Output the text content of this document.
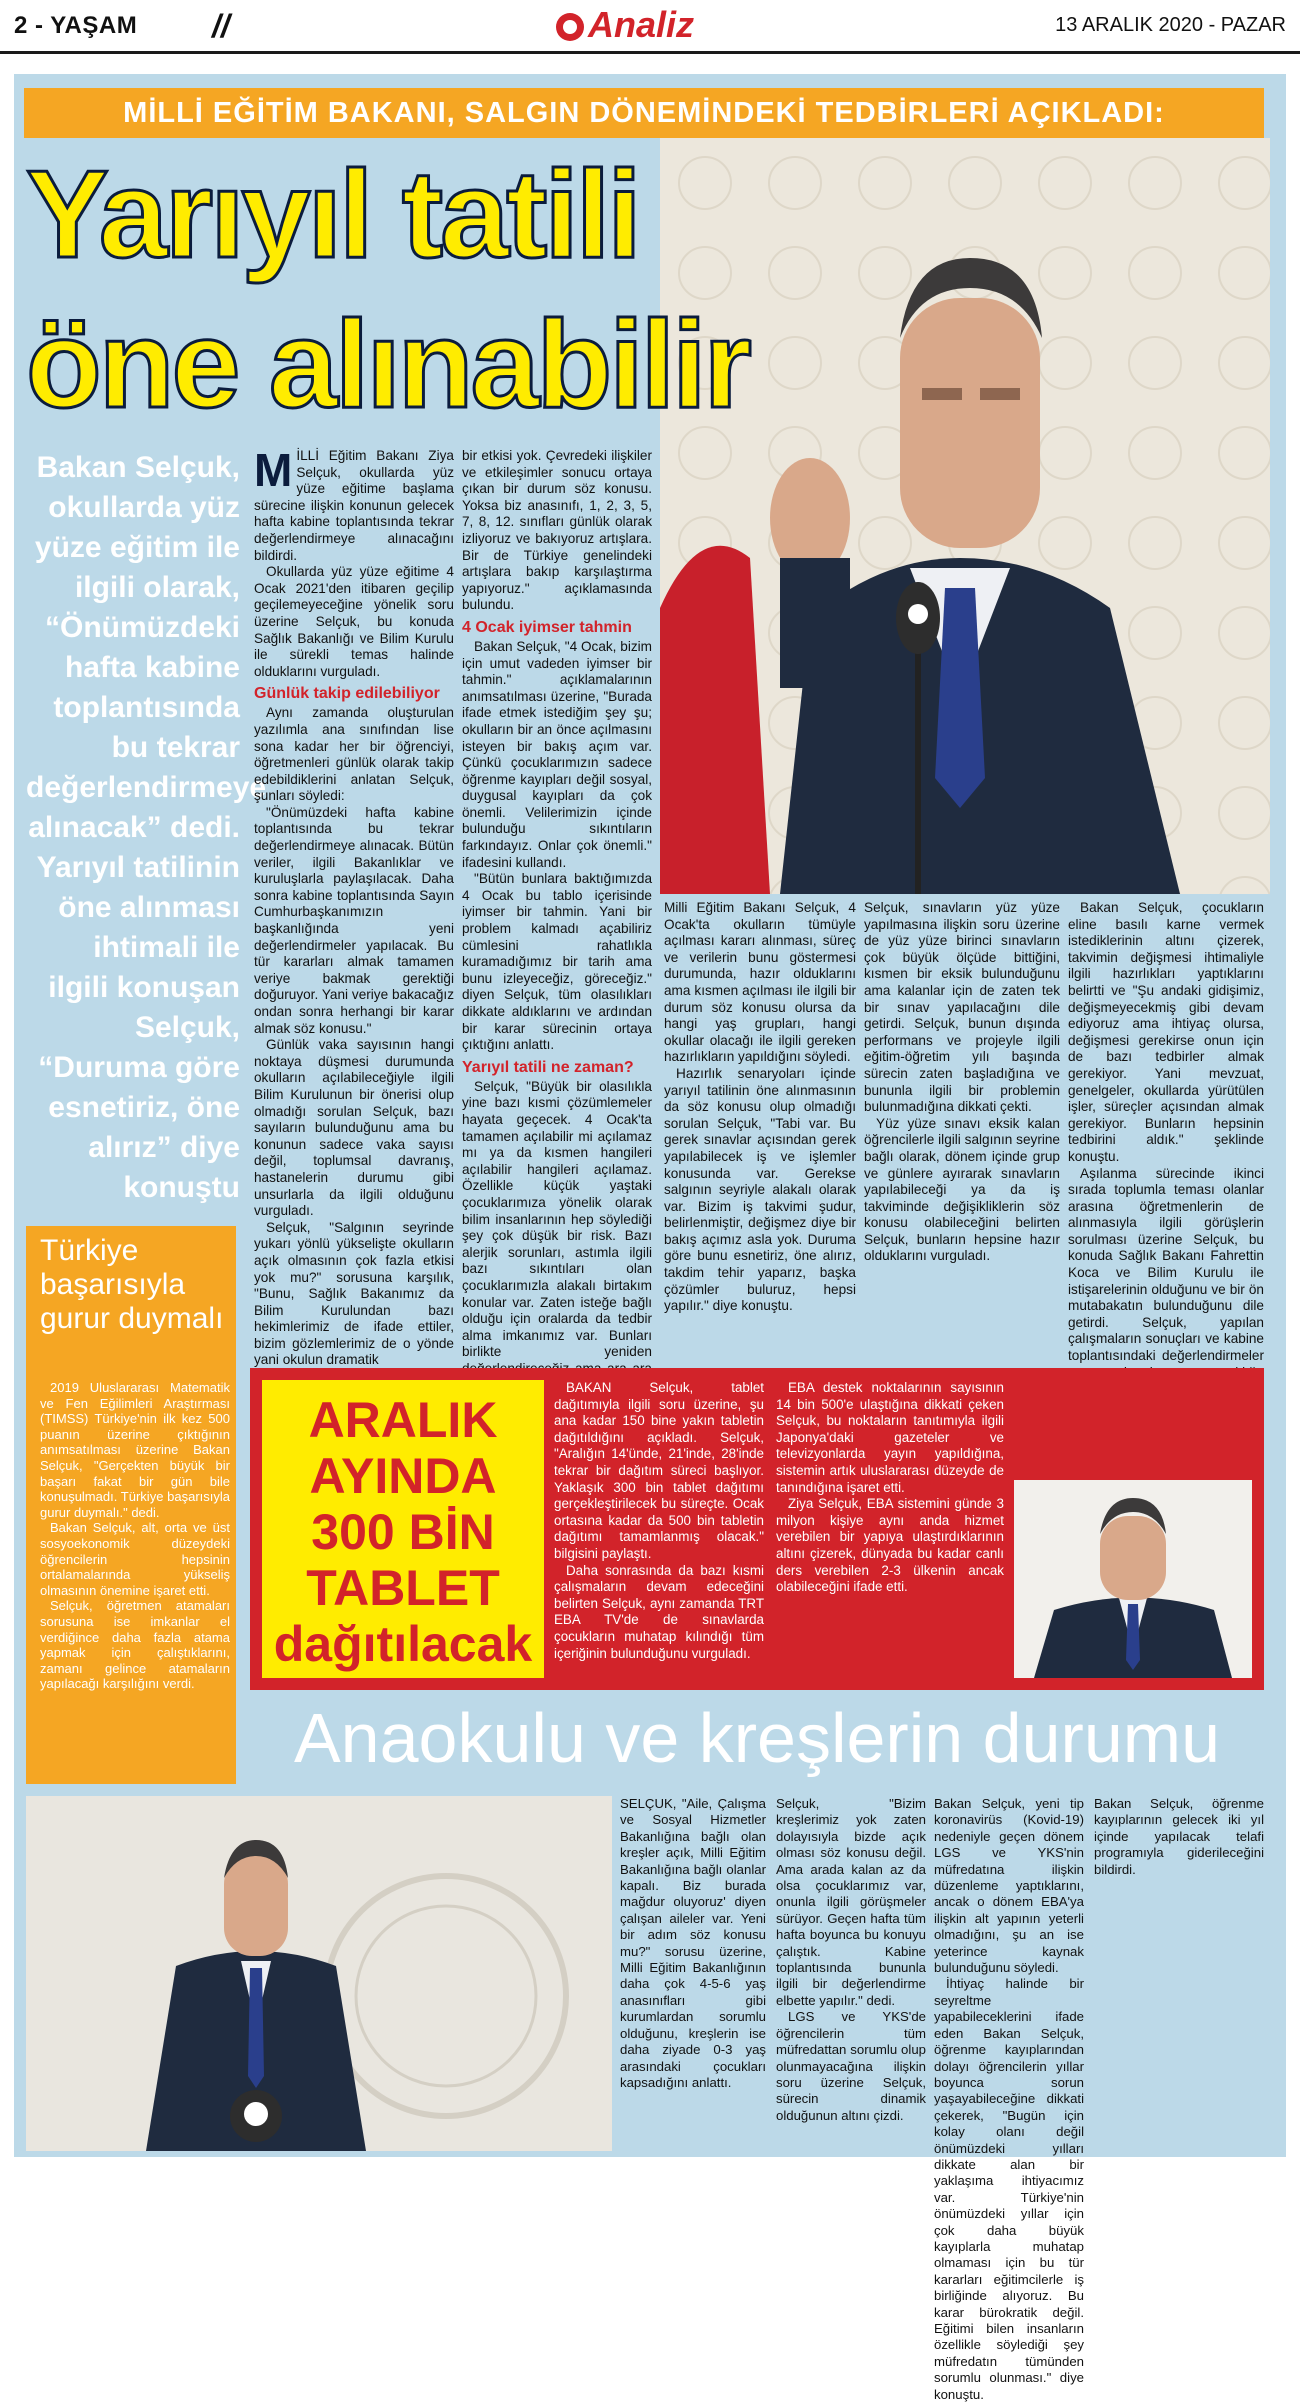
2 - YAŞAM //	Analiz	13 ARALIK 2020 - PAZAR
MİLLİ EĞİTİM BAKANI, SALGIN DÖNEMİNDEKİ TEDBİRLERİ AÇIKLADI:
Yarıyıl tatili
öne alınabilir
Bakan Selçuk, okullarda yüz yüze eğitim ile ilgili olarak, “Önümüzdeki hafta kabine toplantısında bu tekrar değerlendirmeye alınacak” dedi. Yarıyıl tatilinin öne alınması ihtimali ile ilgili konuşan Selçuk, “Duruma göre esnetiriz, öne alırız” diye konuştu

MİLLİ Eğitim Bakanı Ziya Selçuk, okullarda yüz yüze eğitime başlama sürecine ilişkin konunun gelecek hafta kabine toplantısında tekrar değerlendirmeye alınacağını bildirdi.

Okullarda yüz yüze eğitime 4 Ocak 2021'den itibaren geçilip geçilemeyeceğine yönelik soru üzerine Selçuk, bu konuda Sağlık Bakanlığı ve Bilim Kurulu ile sürekli temas halinde olduklarını vurguladı.

Günlük takip edilebiliyor

Aynı zamanda oluşturulan yazılımla ana sınıfından lise sona kadar her bir öğrenciyi, öğretmenleri günlük olarak takip edebildiklerini anlatan Selçuk, şunları söyledi:

"Önümüzdeki hafta kabine toplantısında bu tekrar değerlendirmeye alınacak. Bütün veriler, ilgili Bakanlıklar ve kuruluşlarla paylaşılacak. Daha sonra kabine toplantısında Sayın Cumhurbaşkanımızın başkanlığında yeni değerlendirmeler yapılacak. Bu tür kararları almak tamamen veriye bakmak gerektiği doğuruyor. Yani veriye bakacağız ondan sonra herhangi bir karar almak söz konusu."

Günlük vaka sayısının hangi noktaya düşmesi durumunda okulların açılabileceğiyle ilgili Bilim Kurulunun bir önerisi olup olmadığı sorulan Selçuk, bazı sayıların bulunduğunu ama bu konunun sadece vaka sayısı değil, toplumsal davranış, hastanelerin durumu gibi unsurlarla da ilgili olduğunu vurguladı.

Selçuk, "Salgının seyrinde yukarı yönlü yükselişte okulların açık olmasının çok fazla etkisi yok mu?" sorusuna karşılık, "Bunu, Sağlık Bakanımız da Bilim Kurulundan bazı hekimlerimiz de ifade ettiler, bizim gözlemlerimiz de o yönde yani okulun dramatik

bir etkisi yok. Çevredeki ilişkiler ve etkileşimler sonucu ortaya çıkan bir durum söz konusu. Yoksa biz anasınıfı, 1, 2, 3, 5, 7, 8, 12. sınıfları günlük olarak izliyoruz ve bakıyoruz artışlara. Bir de Türkiye genelindeki artışlara bakıp karşılaştırma yapıyoruz." açıklamasında bulundu.

4 Ocak iyimser tahmin

Bakan Selçuk, "4 Ocak, bizim için umut vadeden iyimser bir tahmin." açıklamalarının anımsatılması üzerine, "Burada ifade etmek istediğim şey şu; okulların bir an önce açılmasını isteyen bir bakış açım var. Çünkü çocuklarımızın sadece öğrenme kayıpları değil sosyal, duygusal kayıpları da çok önemli. Velilerimizin içinde bulunduğu sıkıntıların farkındayız. Onlar çok önemli." ifadesini kullandı.

"Bütün bunlara baktığımızda 4 Ocak bu tablo içerisinde iyimser bir tahmin. Yani bir problem kalmadı açabiliriz cümlesini rahatlıkla kuramadığımız bir tarih ama bunu izleyeceğiz, göreceğiz." diyen Selçuk, tüm olasılıkları dikkate aldıklarını ve ardından bir karar sürecinin ortaya çıktığını anlattı.

Yarıyıl tatili ne zaman?

Selçuk, "Büyük bir olasılıkla yine bazı kısmi çözümlemeler hayata geçecek. 4 Ocak'ta tamamen açılabilir mi açılamaz mı ya da kısmen hangileri açılabilir hangileri açılamaz. Özellikle küçük yaştaki çocuklarımıza yönelik olarak bilim insanlarının hep söylediği şey çok düşük bir risk. Bazı alerjik sorunları, astımla ilgili bazı sıkıntıları olan çocuklarımızla alakalı birtakım konular var. Zaten isteğe bağlı olduğu için oralarda da tedbir alma imkanımız var. Bunları birlikte yeniden

Milli Eğitim Bakanı Selçuk, 4 Ocak'ta okulların tümüyle açılması kararı alınması, süreç ve verilerin bunu göstermesi durumunda, hazır olduklarını ama kısmen açılması ile ilgili bir durum söz konusu olursa da hangi yaş grupları, hangi okullar olacağı ile ilgili gereken hazırlıkların yapıldığını söyledi.

Hazırlık senaryoları içinde yarıyıl tatilinin öne alınmasının da söz konusu olup olmadığı sorulan Selçuk, "Tabi var. Bu gerek sınavlar açısından gerek yapılabilecek iş ve işlemler konusunda var. Gerekse salgının seyriyle alakalı olarak var. Bizim iş takvimi şudur, belirlenmiştir, değişmez diye bir bakış açımız asla yok. Duruma göre bunu esnetiriz, öne alırız, takdim tehir yaparız, başka çözümler buluruz, hepsi yapılır." diye konuştu.

Selçuk, sınavların yüz yüze yapılmasına ilişkin soru üzerine de yüz yüze birinci sınavların çok büyük ölçüde bittiğini, kısmen bir eksik bulunduğunu ama kalanlar için de zaten tek bir sınav yapılacağını dile getirdi. Selçuk, bunun dışında performans ve projeyle ilgili eğitim-öğretim yılı başında sürecin zaten başladığına ve bununla ilgili bir problemin bulunmadığına dikkati çekti.

Yüz yüze sınavı eksik kalan öğrencilerle ilgili salgının seyrine bağlı olarak, dönem içinde grup ve günlere ayırarak sınavların yapılabileceği ya da iş takviminde değişikliklerin söz konusu olabileceğini belirten Selçuk, bunların hepsine hazır olduklarını vurguladı.

Bakan Selçuk, çocukların eline basılı karne vermek istediklerinin altını çizerek, takvimin değişmesi ihtimaliyle ilgili hazırlıkları yaptıklarını belirtti ve "Şu andaki gidişimiz, değişmeyecekmiş gibi devam ediyoruz ama ihtiyaç olursa, değişmesi gerekirse onun için de bazı tedbirler almak gerekiyor. Yani mevzuat, genelgeler, okullarda yürütülen işler, süreçler açısından almak gerekiyor. Bunların hepsinin tedbirini aldık." şeklinde konuştu.

Aşılanma sürecinde ikinci sırada toplumla teması olanlar arasına öğretmenlerin de alınmasıyla ilgili görüşlerin sorulması üzerine Selçuk, bu konuda Sağlık Bakanı Fahrettin Koca ve Bilim Kurulu ile istişarelerinin olduğunu ve bir ön mutabakatın bulunduğunu dile getirdi. Selçuk, yapılan çalışmaların sonuçları ve kabine toplantısındaki değerlendirmeler

Türkiye başarısıyla gurur duymalı

2019 Uluslararası Matematik ve Fen Eğilimleri Araştırması (TIMSS) Türkiye'nin ilk kez 500 puanın üzerine çıktığının anımsatılması üzerine Bakan Selçuk, "Gerçekten büyük bir başarı fakat bir gün bile konuşulmadı. Türkiye başarısıyla gurur duymalı." dedi.

Bakan Selçuk, alt, orta ve üst sosyoekonomik düzeydeki öğrencilerin hepsinin ortalamalarında yükseliş olmasının önemine işaret etti.

Selçuk, öğretmen atamaları sorusuna ise imkanlar el verdiğince daha fazla atama yapmak için çalıştıklarını, zamanı gelince atamaların yapılacağı karşılığını verdi.

ARALIK
AYINDA
300 BİN
TABLET
dağıtılacak

BAKAN Selçuk, tablet dağıtımıyla ilgili soru üzerine, şu ana kadar 150 bine yakın tabletin dağıtıldığını açıkladı. Selçuk, "Aralığın 14'ünde, 21'inde, 28'inde tekrar bir dağıtım süreci başlıyor. Yaklaşık 300 bin tablet dağıtımı gerçekleştirilecek bu süreçte. Ocak ortasına kadar da 500 bin tabletin dağıtımı tamamlanmış olacak." bilgisini paylaştı.

Daha sonrasında da bazı kısmi çalışmaların devam edeceğini belirten Selçuk, aynı zamanda TRT EBA TV'de de sınavlarda çocukların muhatap kılındığı tüm içeriğinin bulunduğunu vurguladı.

EBA destek noktalarının sayısının 14 bin 500'e ulaştığına dikkati çeken Selçuk, bu noktaların tanıtımıyla ilgili Japonya'daki gazeteler ve televizyonlarda yayın yapıldığına, sistemin artık uluslararası düzeyde de tanındığına işaret etti.

Ziya Selçuk, EBA sistemini günde 3 milyon kişiye aynı anda hizmet verebilen bir yapıya ulaştırdıklarının altını çizerek, dünyada bu kadar canlı ders verebilen 2-3 ülkenin ancak olabileceğini ifade etti.

Anaokulu ve kreşlerin durumu

SELÇUK, "Aile, Çalışma ve Sosyal Hizmetler Bakanlığına bağlı olan kreşler açık, Milli Eğitim Bakanlığına bağlı olanlar kapalı. Biz burada mağdur oluyoruz' diyen çalışan aileler var. Yeni bir adım söz konusu mu?" sorusu üzerine, Milli Eğitim Bakanlığının daha çok 4-5-6 yaş anasınıfları gibi kurumlardan sorumlu olduğunu, kreşlerin ise daha ziyade 0-3 yaş arasındaki çocukları kapsadığını anlattı.

Selçuk, "Bizim kreşlerimiz yok zaten dolayısıyla bizde açık olması söz konusu değil. Ama arada kalan az da olsa çocuklarımız var, onunla ilgili görüşmeler sürüyor. Geçen hafta tüm hafta boyunca bu konuyu çalıştık. Kabine toplantısında bununla ilgili bir değerlendirme elbette yapılır." dedi.

LGS ve YKS'de öğrencilerin tüm müfredattan sorumlu olup olunmayacağına ilişkin soru üzerine Selçuk, sürecin dinamik olduğunun altını çizdi.

Bakan Selçuk, yeni tip koronavirüs (Kovid-19) nedeniyle geçen dönem LGS ve YKS'nin müfredatına ilişkin düzenleme yaptıklarını, ancak o dönem EBA'ya ilişkin alt yapının yeterli olmadığını, şu an ise yeterince kaynak bulunduğunu söyledi.

İhtiyaç halinde bir seyreltme yapabileceklerini ifade eden Bakan Selçuk, öğrenme kayıplarından dolayı öğrencilerin yıllar boyunca sorun yaşayabileceğine dikkati çekerek, "Bugün için kolay olanı değil önümüzdeki yılları dikkate alan bir yaklaşıma ihtiyacımız var. Türkiye'nin önümüzdeki yıllar için çok daha büyük kayıplarla muhatap olmaması için bu tür kararları eğitimcilerle iş birliğinde alıyoruz. Bu karar bürokratik değil. Eğitimi bilen insanların özellikle söylediği şey müfredatın tümünden sorumlu olunması." diye konuştu.

Bakan Selçuk, öğrenme kayıplarının gelecek iki yıl içinde yapılacak telafi programıyla giderileceğini bildirdi.
